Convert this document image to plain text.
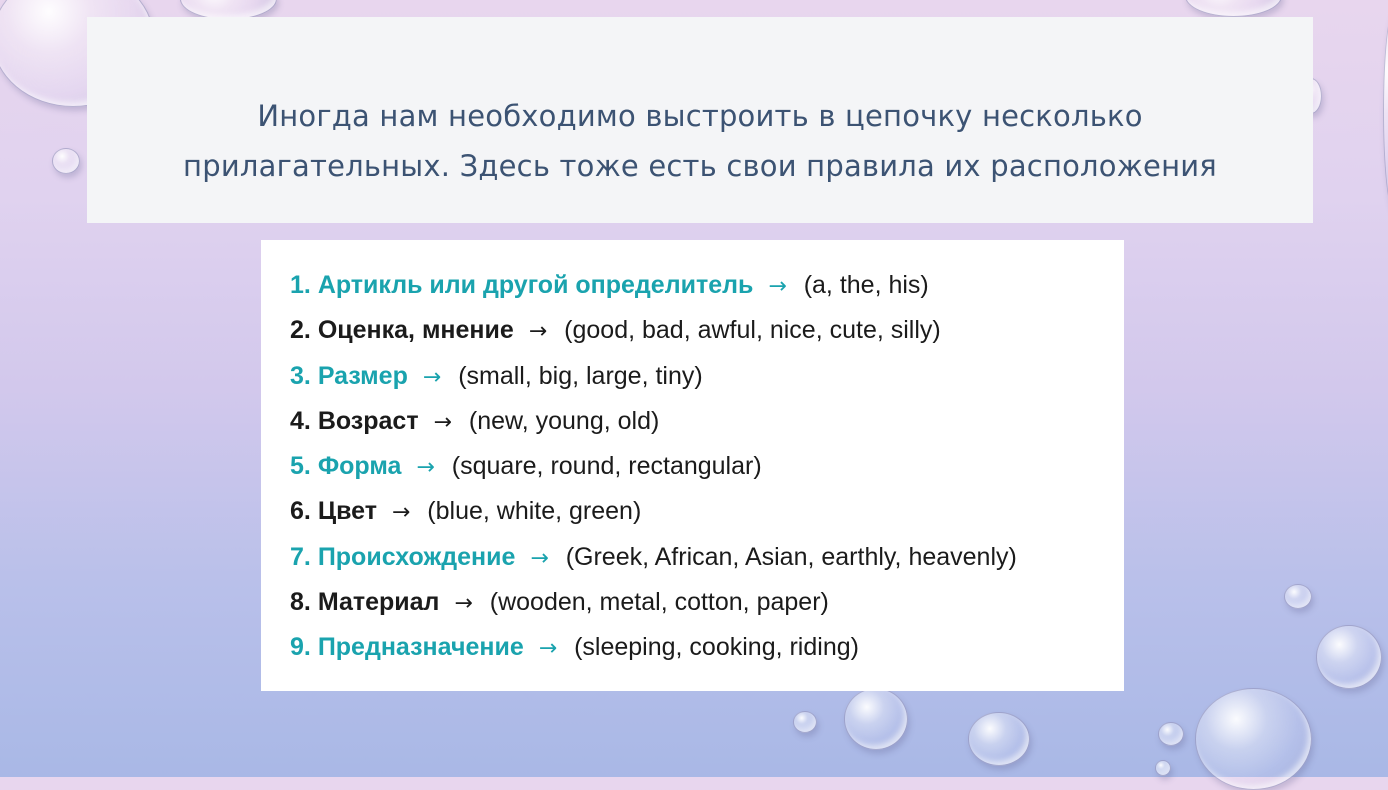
Иногда нам необходимо выстроить в цепочку несколько
прилагательных. Здесь тоже есть свои правила их расположения
1. Артикль или другой определитель → (a, the, his)
2. Оценка, мнение → (good, bad, awful, nice, cute, silly)
3. Размер → (small, big, large, tiny)
4. Возраст → (new, young, old)
5. Форма → (square, round, rectangular)
6. Цвет → (blue, white, green)
7. Происхождение → (Greek, African, Asian, earthly, heavenly)
8. Материал → (wooden, metal, cotton, paper)
9. Предназначение → (sleeping, cooking, riding)
